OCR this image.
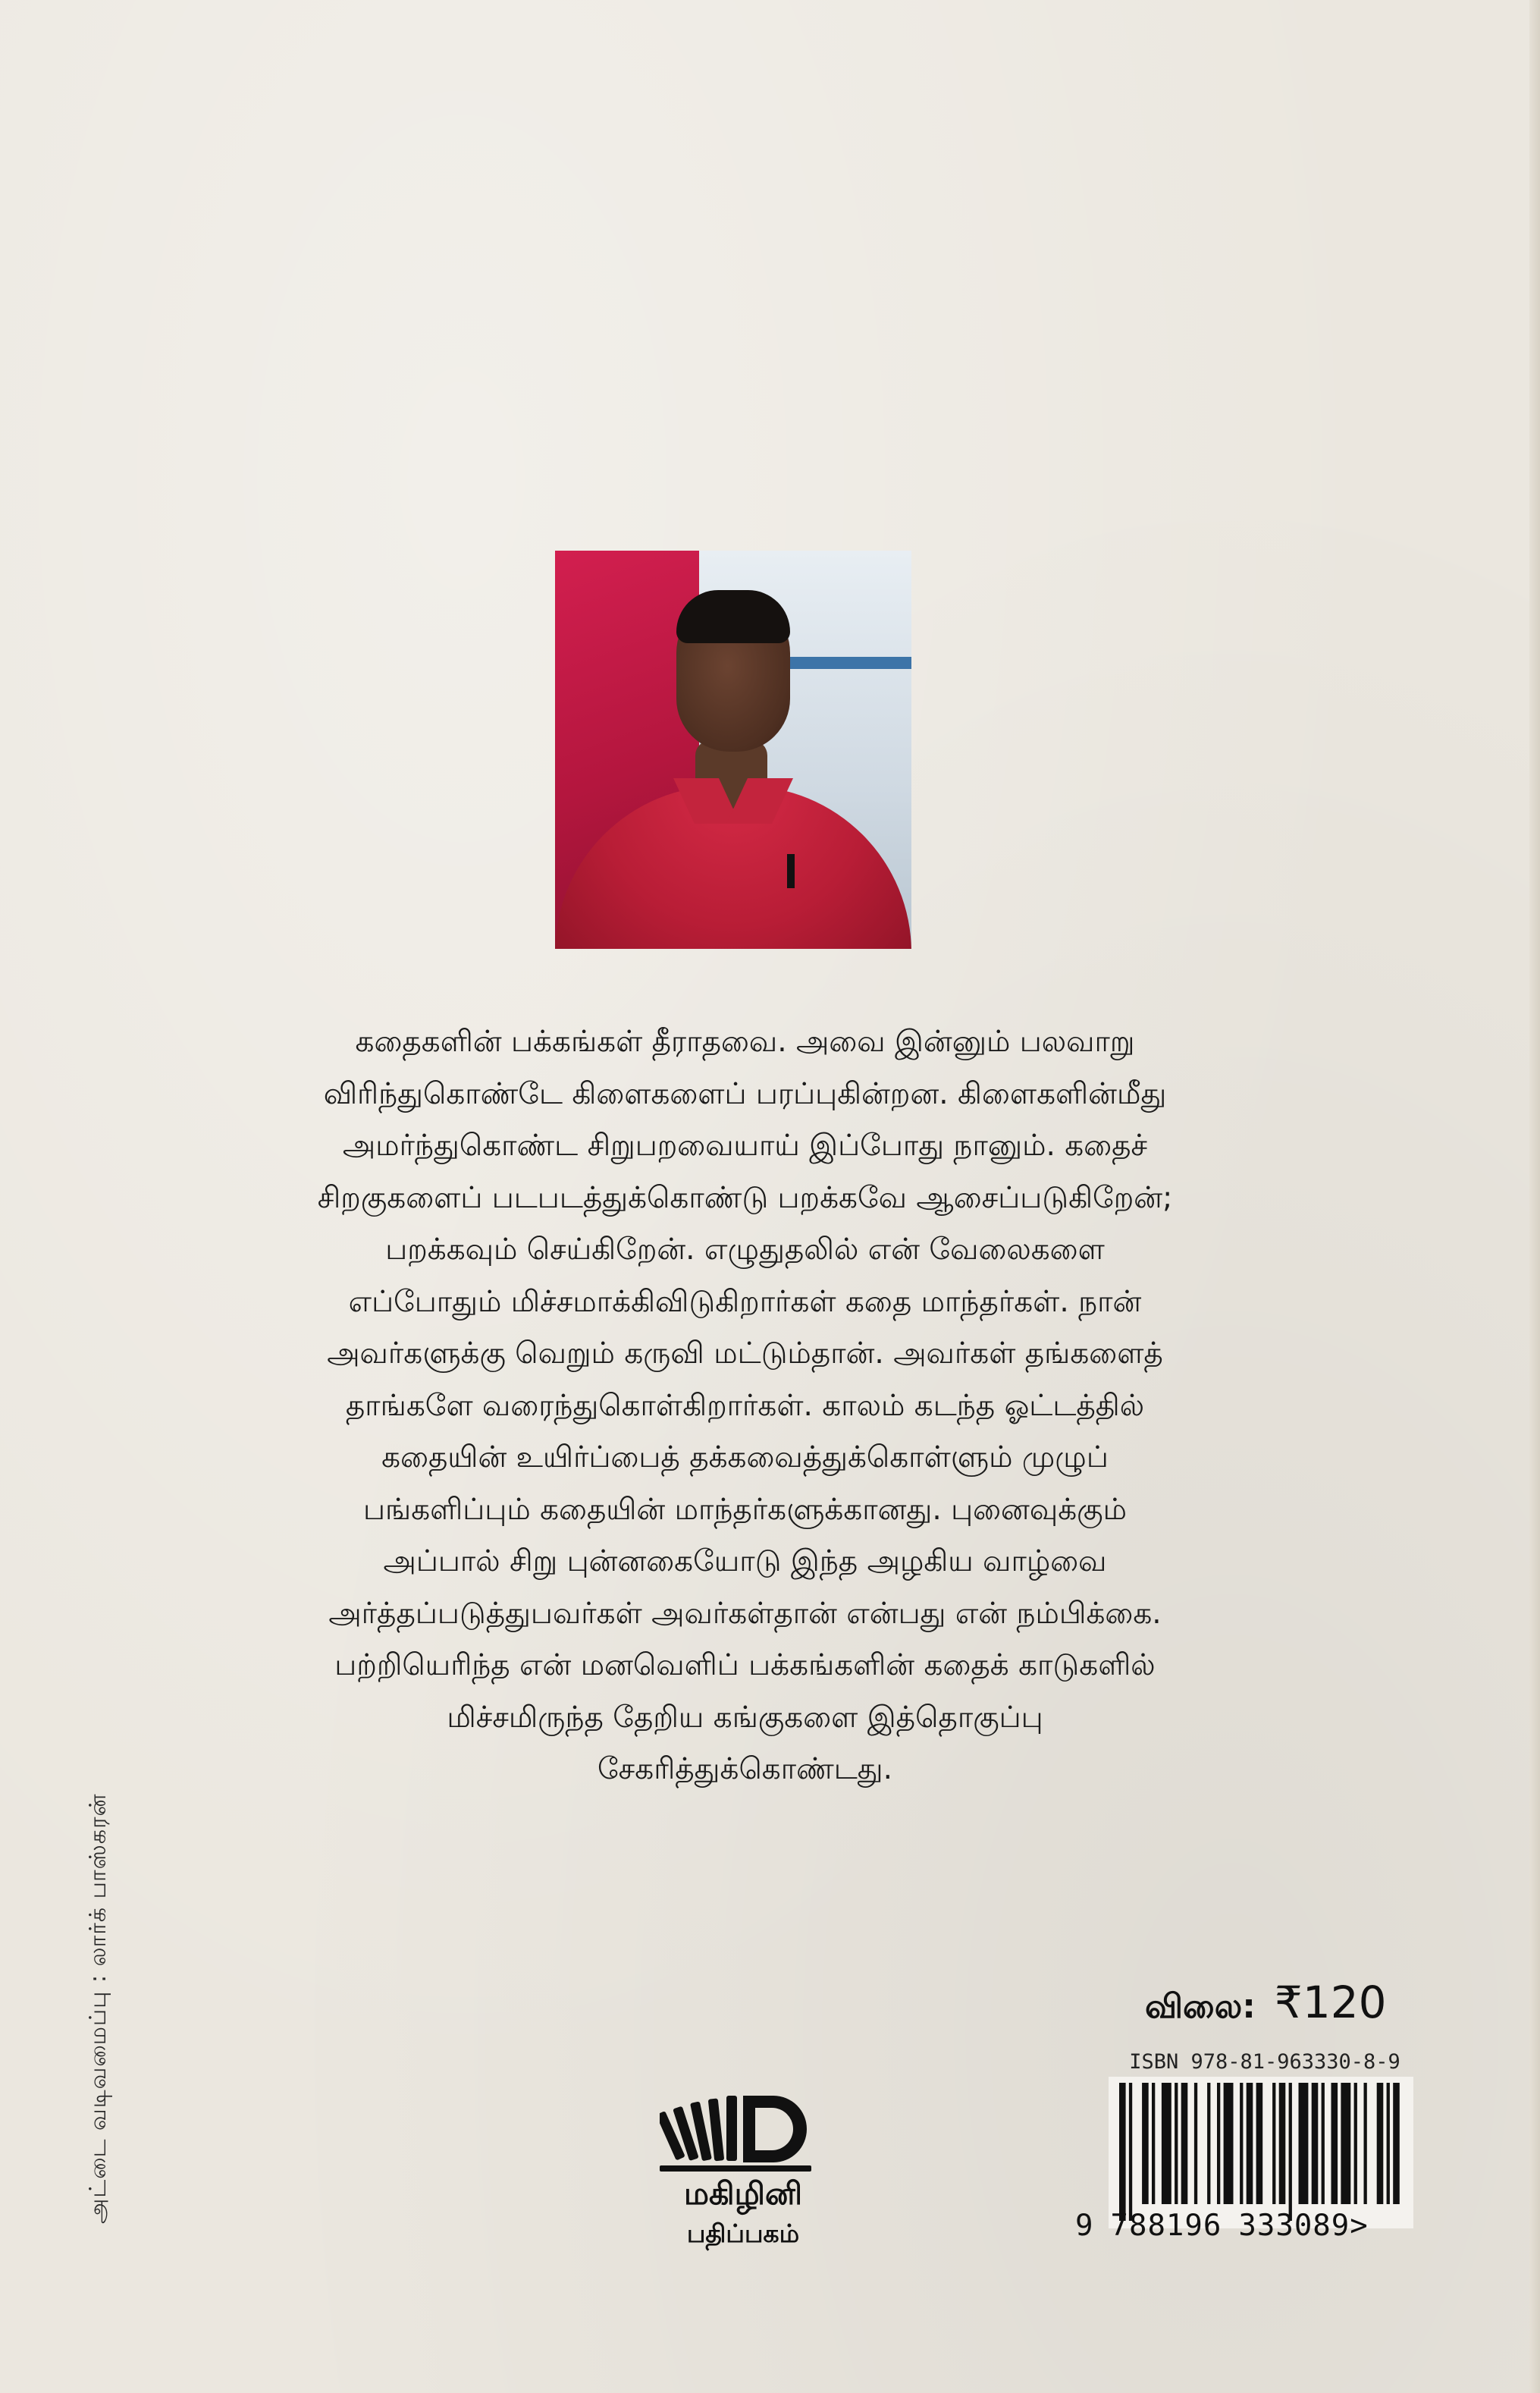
கதைகளின் பக்கங்கள் தீராதவை. அவை இன்னும் பலவாறு
விரிந்துகொண்டே கிளைகளைப் பரப்புகின்றன. கிளைகளின்மீது
அமர்ந்துகொண்ட சிறுபறவையாய் இப்போது நானும். கதைச்
சிறகுகளைப் படபடத்துக்கொண்டு பறக்கவே ஆசைப்படுகிறேன்;
பறக்கவும் செய்கிறேன். எழுதுதலில் என் வேலைகளை
எப்போதும் மிச்சமாக்கிவிடுகிறார்கள் கதை மாந்தர்கள். நான்
அவர்களுக்கு வெறும் கருவி மட்டும்தான். அவர்கள் தங்களைத்
தாங்களே வரைந்துகொள்கிறார்கள். காலம் கடந்த ஓட்டத்தில்
கதையின் உயிர்ப்பைத் தக்கவைத்துக்கொள்ளும் முழுப்
பங்களிப்பும் கதையின் மாந்தர்களுக்கானது. புனைவுக்கும்
அப்பால் சிறு புன்னகையோடு இந்த அழகிய வாழ்வை
அர்த்தப்படுத்துபவர்கள் அவர்கள்தான் என்பது என் நம்பிக்கை.
பற்றியெரிந்த என் மனவெளிப் பக்கங்களின் கதைக் காடுகளில்
மிச்சமிருந்த தேறிய கங்குகளை இத்தொகுப்பு
சேகரித்துக்கொண்டது.
அட்டை வடிவமைப்பு : லார்க் பாஸ்கரன்	விலை: ₹120
ISBN 978-81-963330-8-9
9 788196 333089>
மகிழினி
பதிப்பகம்
